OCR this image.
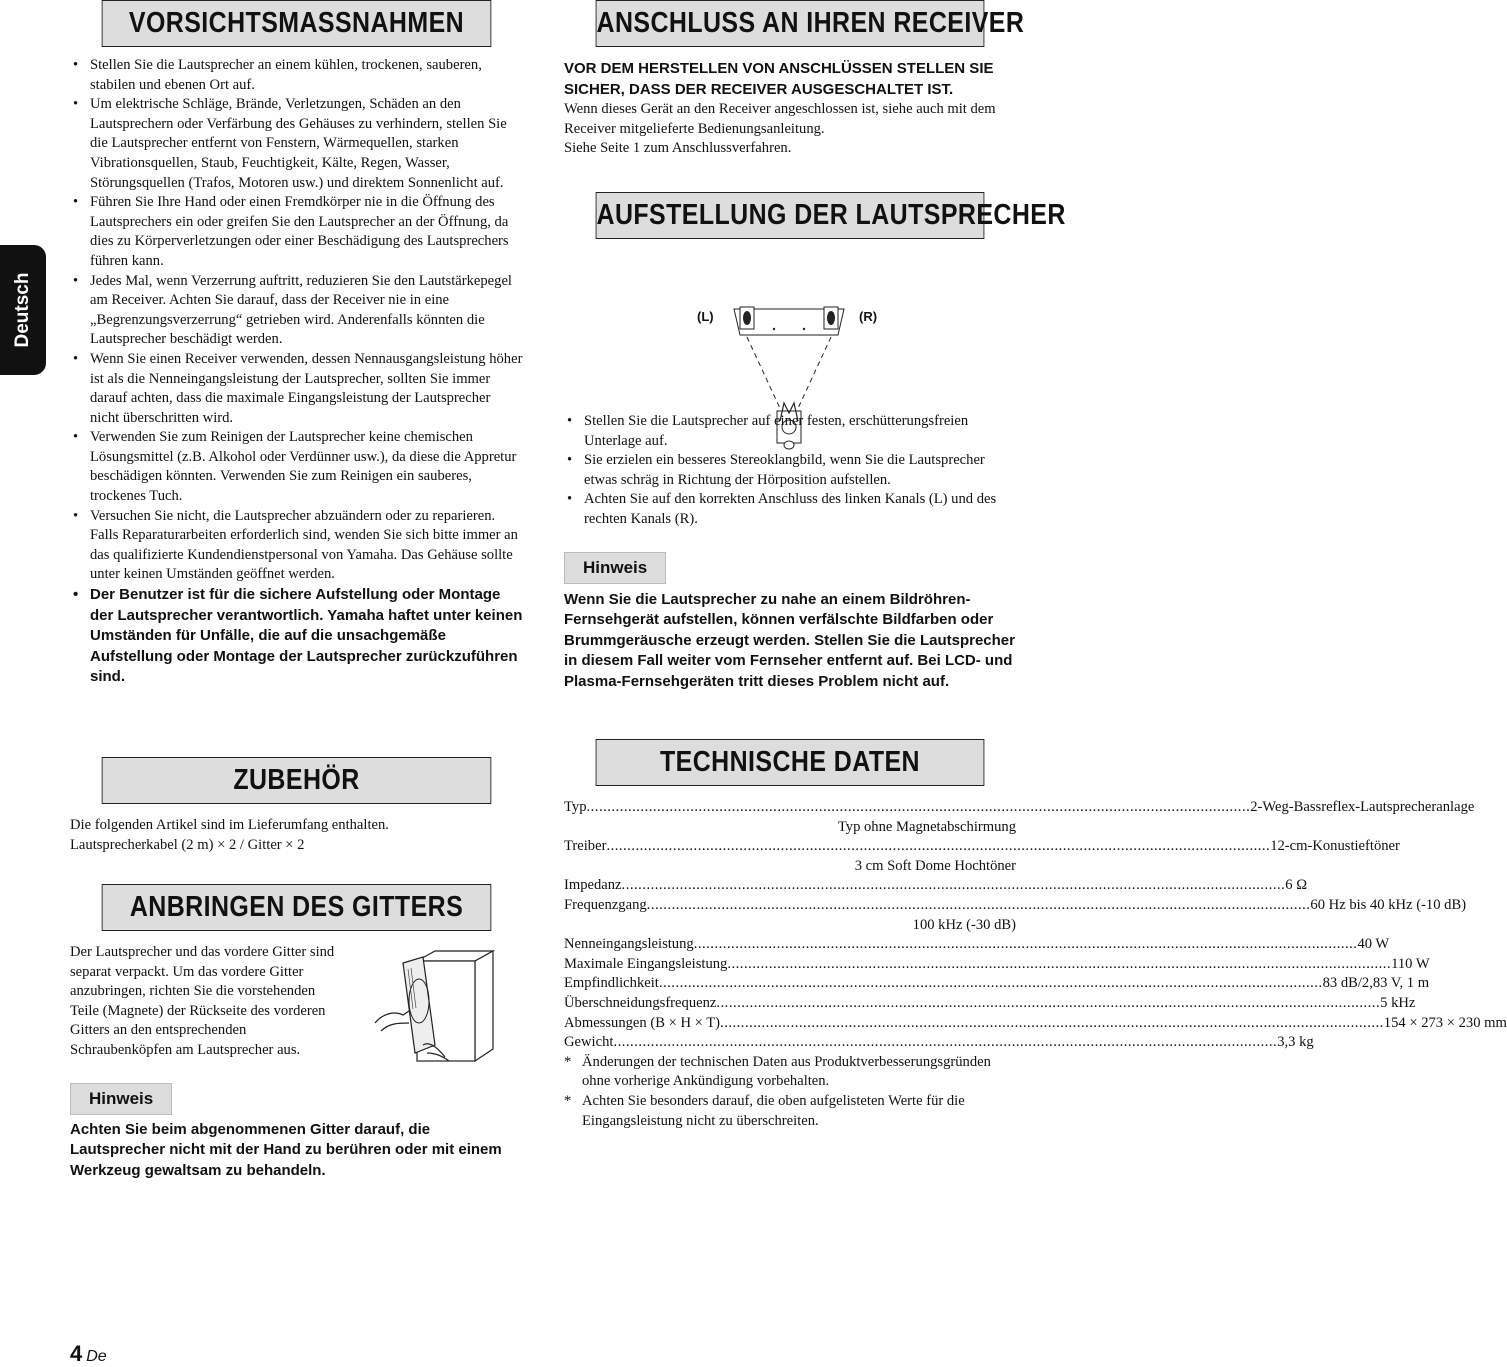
Deutsch
VORSICHTSMASSNAHMEN
• Stellen Sie die Lautsprecher an einem kühlen, trockenen, sauberen, stabilen und ebenen Ort auf.
• Um elektrische Schläge, Brände, Verletzungen, Schäden an den Lautsprechern oder Verfärbung des Gehäuses zu verhindern, stellen Sie die Lautsprecher entfernt von Fenstern, Wärmequellen, starken Vibrationsquellen, Staub, Feuchtigkeit, Kälte, Regen, Wasser, Störungsquellen (Trafos, Motoren usw.) und direktem Sonnenlicht auf.
• Führen Sie Ihre Hand oder einen Fremdkörper nie in die Öffnung des Lautsprechers ein oder greifen Sie den Lautsprecher an der Öffnung, da dies zu Körperverletzungen oder einer Beschädigung des Lautsprechers führen kann.
• Jedes Mal, wenn Verzerrung auftritt, reduzieren Sie den Lautstärkepegel am Receiver. Achten Sie darauf, dass der Receiver nie in eine „Begrenzungsverzerrung“ getrieben wird. Anderenfalls könnten die Lautsprecher beschädigt werden.
• Wenn Sie einen Receiver verwenden, dessen Nennausgangsleistung höher ist als die Nenneingangsleistung der Lautsprecher, sollten Sie immer darauf achten, dass die maximale Eingangsleistung der Lautsprecher nicht überschritten wird.
• Verwenden Sie zum Reinigen der Lautsprecher keine chemischen Lösungsmittel (z.B. Alkohol oder Verdünner usw.), da diese die Appretur beschädigen könnten. Verwenden Sie zum Reinigen ein sauberes, trockenes Tuch.
• Versuchen Sie nicht, die Lautsprecher abzuändern oder zu reparieren. Falls Reparaturarbeiten erforderlich sind, wenden Sie sich bitte immer an das qualifizierte Kundendienstpersonal von Yamaha. Das Gehäuse sollte unter keinen Umständen geöffnet werden.
• Der Benutzer ist für die sichere Aufstellung oder Montage der Lautsprecher verantwortlich. Yamaha haftet unter keinen Umständen für Unfälle, die auf die unsachgemäße Aufstellung oder Montage der Lautsprecher zurückzuführen sind.
ZUBEHÖR

Die folgenden Artikel sind im Lieferumfang enthalten.

Lautsprecherkabel (2 m) × 2 / Gitter × 2

ANBRINGEN DES GITTERS

Der Lautsprecher und das vordere Gitter sind separat verpackt. Um das vordere Gitter anzubringen, richten Sie die vorstehenden Teile (Magnete) der Rückseite des vorderen Gitters an den entsprechenden Schraubenköpfen am Lautsprecher aus.

Hinweis

Achten Sie beim abgenommenen Gitter darauf, die Lautsprecher nicht mit der Hand zu berühren oder mit einem Werkzeug gewaltsam zu behandeln.

ANSCHLUSS AN IHREN RECEIVER

VOR DEM HERSTELLEN VON ANSCHLÜSSEN STELLEN SIE SICHER, DASS DER RECEIVER AUSGESCHALTET IST.

Wenn dieses Gerät an den Receiver angeschlossen ist, siehe auch mit dem Receiver mitgelieferte Bedienungsanleitung.

Siehe Seite 1 zum Anschlussverfahren.

AUFSTELLUNG DER LAUTSPRECHER
(L)	(R)
• Stellen Sie die Lautsprecher auf einer festen, erschütterungsfreien Unterlage auf.
• Sie erzielen ein besseres Stereoklangbild, wenn Sie die Lautsprecher etwas schräg in Richtung der Hörposition aufstellen.
• Achten Sie auf den korrekten Anschluss des linken Kanals (L) und des rechten Kanals (R).
Hinweis

Wenn Sie die Lautsprecher zu nahe an einem Bildröhren-Fernsehgerät aufstellen, können verfälschte Bildfarben oder Brummgeräusche erzeugt werden. Stellen Sie die Lautsprecher in diesem Fall weiter vom Fernseher entfernt auf. Bei LCD- und Plasma-Fernsehgeräten tritt dieses Problem nicht auf.

TECHNISCHE DATEN
Typ .....	2-Weg-Bassreflex-Lautsprecheranlage
Typ ohne Magnetabschirmung
Treiber .....	12-cm-Konustieftöner
3 cm Soft Dome Hochtöner
Impedanz .....	6 Ω
Frequenzgang .....	60 Hz bis 40 kHz (-10 dB)
100 kHz (-30 dB)
Nenneingangsleistung .....	40 W
Maximale Eingangsleistung .....	110 W
Empfindlichkeit .....	83 dB/2,83 V, 1 m
Überschneidungsfrequenz .....	5 kHz
Abmessungen (B × H × T) .....	154 × 273 × 230 mm
Gewicht .....	3,3 kg
* Änderungen der technischen Daten aus Produktverbesserungsgründen ohne vorherige Ankündigung vorbehalten.
* Achten Sie besonders darauf, die oben aufgelisteten Werte für die Eingangsleistung nicht zu überschreiten.
4 De
